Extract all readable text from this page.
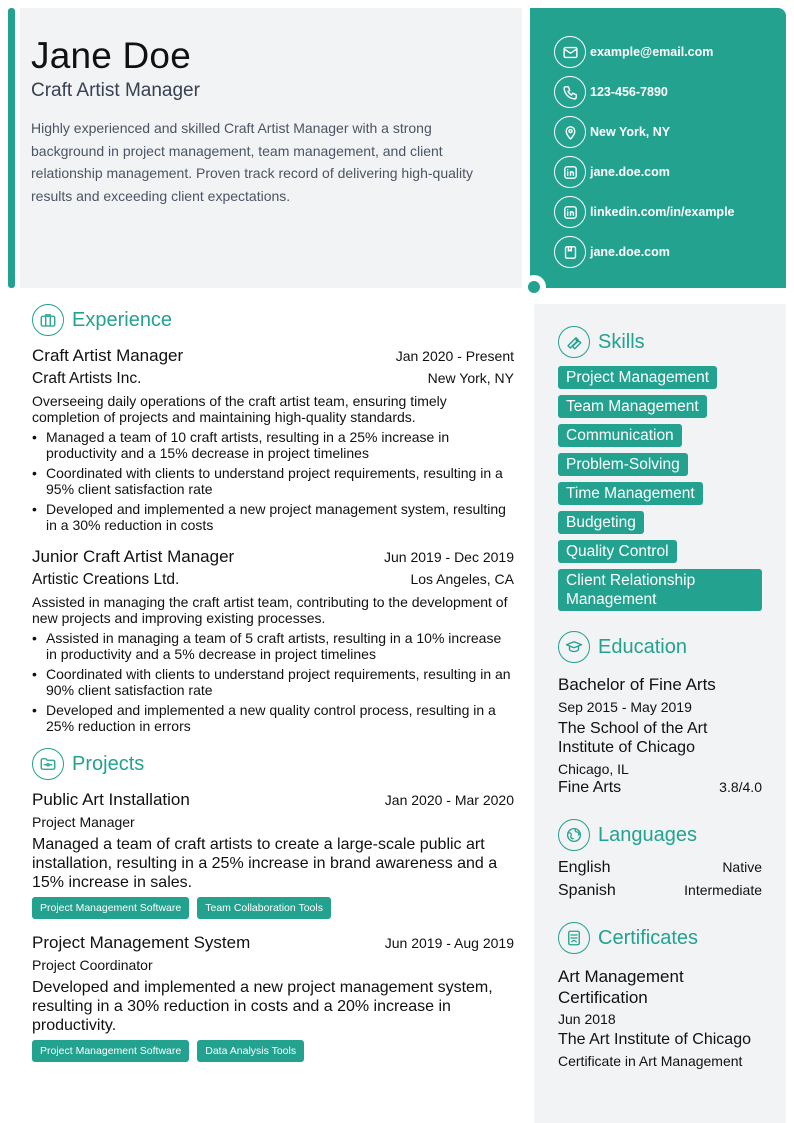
Jane Doe
Craft Artist Manager
Highly experienced and skilled Craft Artist Manager with a strong background in project management, team management, and client relationship management. Proven track record of delivering high-quality results and exceeding client expectations.
example@email.com
123-456-7890
New York, NY
jane.doe.com
linkedin.com/in/example
jane.doe.com
Experience
Craft Artist Manager	Jan 2020 - Present
Craft Artists Inc.	New York, NY
Overseeing daily operations of the craft artist team, ensuring timely completion of projects and maintaining high-quality standards.
• Managed a team of 10 craft artists, resulting in a 25% increase in productivity and a 15% decrease in project timelines
• Coordinated with clients to understand project requirements, resulting in a 95% client satisfaction rate
• Developed and implemented a new project management system, resulting in a 30% reduction in costs
Junior Craft Artist Manager	Jun 2019 - Dec 2019
Artistic Creations Ltd.	Los Angeles, CA
Assisted in managing the craft artist team, contributing to the development of new projects and improving existing processes.
• Assisted in managing a team of 5 craft artists, resulting in a 10% increase in productivity and a 5% decrease in project timelines
• Coordinated with clients to understand project requirements, resulting in an 90% client satisfaction rate
• Developed and implemented a new quality control process, resulting in a 25% reduction in errors
Projects
Public Art Installation	Jan 2020 - Mar 2020
Project Manager
Managed a team of craft artists to create a large-scale public art installation, resulting in a 25% increase in brand awareness and a 15% increase in sales.
Project Management Software	Team Collaboration Tools
Project Management System	Jun 2019 - Aug 2019
Project Coordinator
Developed and implemented a new project management system, resulting in a 30% reduction in costs and a 20% increase in productivity.
Project Management Software	Data Analysis Tools
Skills
Project Management
Team Management
Communication
Problem-Solving
Time Management
Budgeting
Quality Control
Client Relationship Management
Education
Bachelor of Fine Arts
Sep 2015 - May 2019
The School of the Art Institute of Chicago
Chicago, IL
Fine Arts	3.8/4.0
Languages
English	Native
Spanish	Intermediate
Certificates
Art Management Certification
Jun 2018
The Art Institute of Chicago
Certificate in Art Management
